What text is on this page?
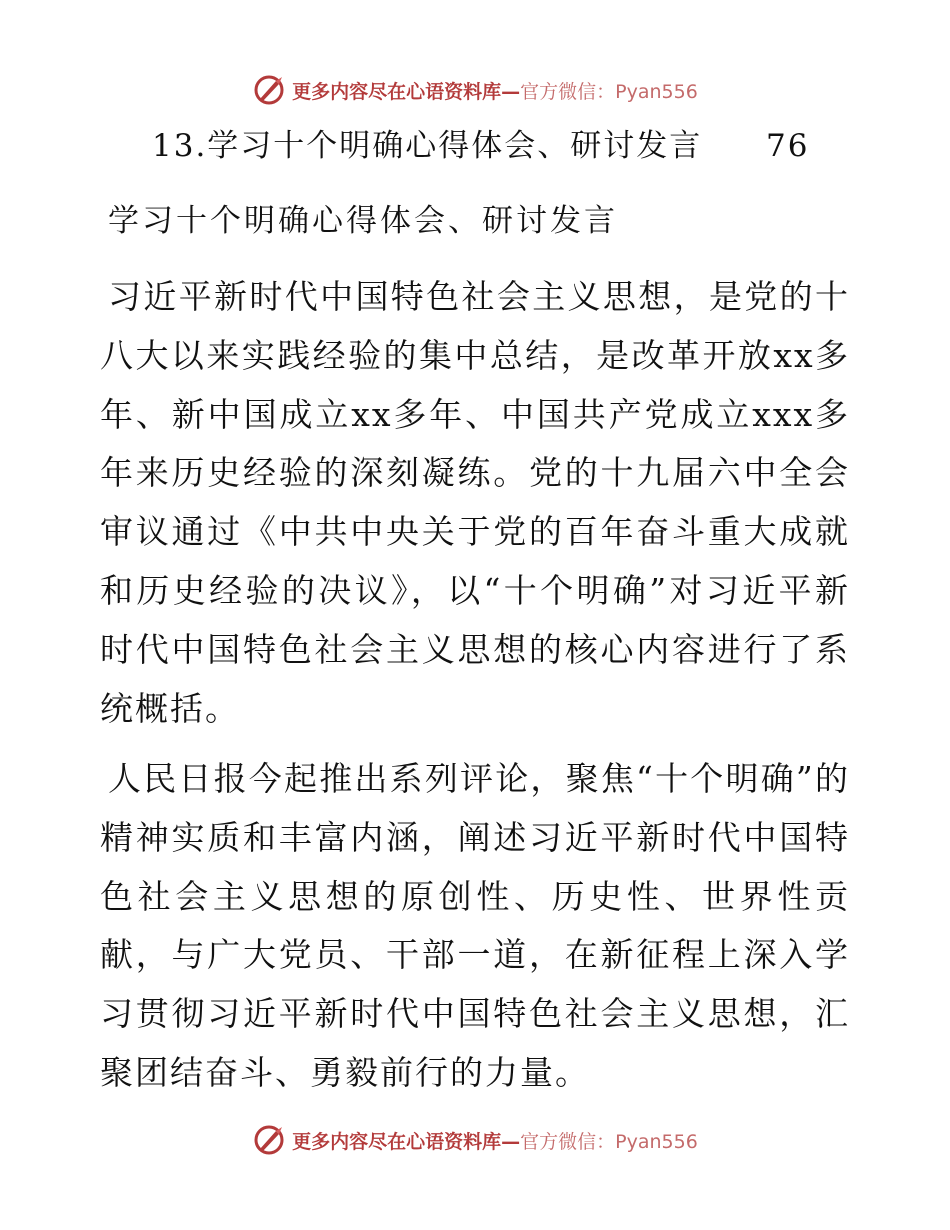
更多内容尽在心语资料库—官方微信：Pyan556
13.学习十个明确心得体会、研讨发言 76
学习十个明确心得体会、研讨发言

习近平新时代中国特色社会主义思想，是党的十八大以来实践经验的集中总结，是改革开放xx多年、新中国成立xx多年、中国共产党成立xxx多年来历史经验的深刻凝练。党的十九届六中全会审议通过《中共中央关于党的百年奋斗重大成就和历史经验的决议》，以“十个明确”对习近平新时代中国特色社会主义思想的核心内容进行了系统概括。

人民日报今起推出系列评论，聚焦“十个明确”的精神实质和丰富内涵，阐述习近平新时代中国特色社会主义思想的原创性、历史性、世界性贡献，与广大党员、干部一道，在新征程上深入学习贯彻习近平新时代中国特色社会主义思想，汇聚团结奋斗、勇毅前行的力量。

更多内容尽在心语资料库—官方微信：Pyan556
